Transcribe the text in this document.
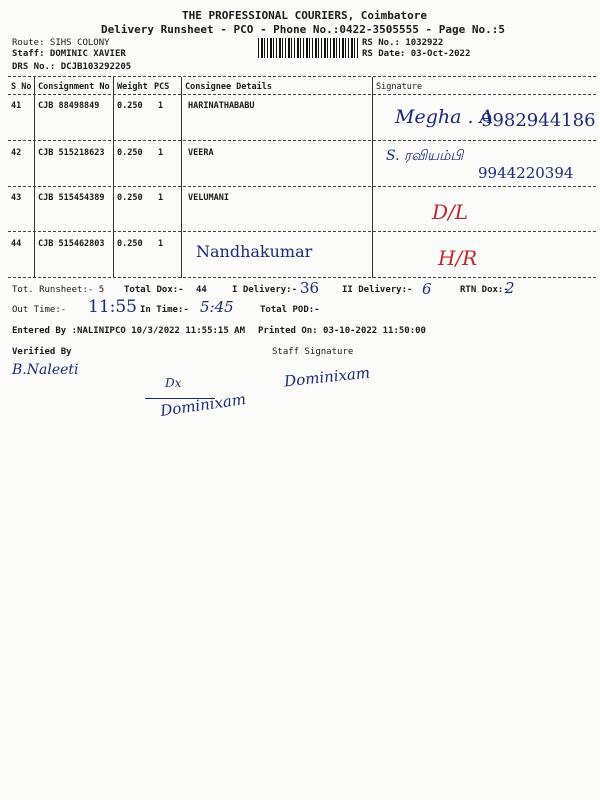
THE PROFESSIONAL COURIERS, Coimbatore
Delivery Runsheet - PCO - Phone No.:0422-3505555 - Page No.:5
Route: SIHS COLONY
Staff: DOMINIC XAVIER
DRS No.: DCJB103292205
RS No.: 1032922
RS Date: 03-Oct-2022
S No Consignment No Weight PCS Consignee Details	Signature
41 CJB 88498849 0.250 1	HARINATHABABU	Megha . A
9982944186
42 CJB 515218623 0.250 1	VEERA	S. ரவியம்பி
9944220394
43 CJB 515454389 0.250 1	VELUMANI
D/L
44 CJB 515462803 0.250 1 Nandhakumar	H/R
Tot. Runsheet:- 5 Total Dox:- 44	I Delivery:- 36	II Delivery:- 6	RTN Dox:-
2
Out Time:- 11:55 In Time:- 5:45	Total POD:-
Entered By :NALINIPCO 10/3/2022 11:55:15 AM Printed On: 03-10-2022 11:50:00
Verified By	Staff Signature
B.Naleeti
Dx
Dominixam
Dominixam
